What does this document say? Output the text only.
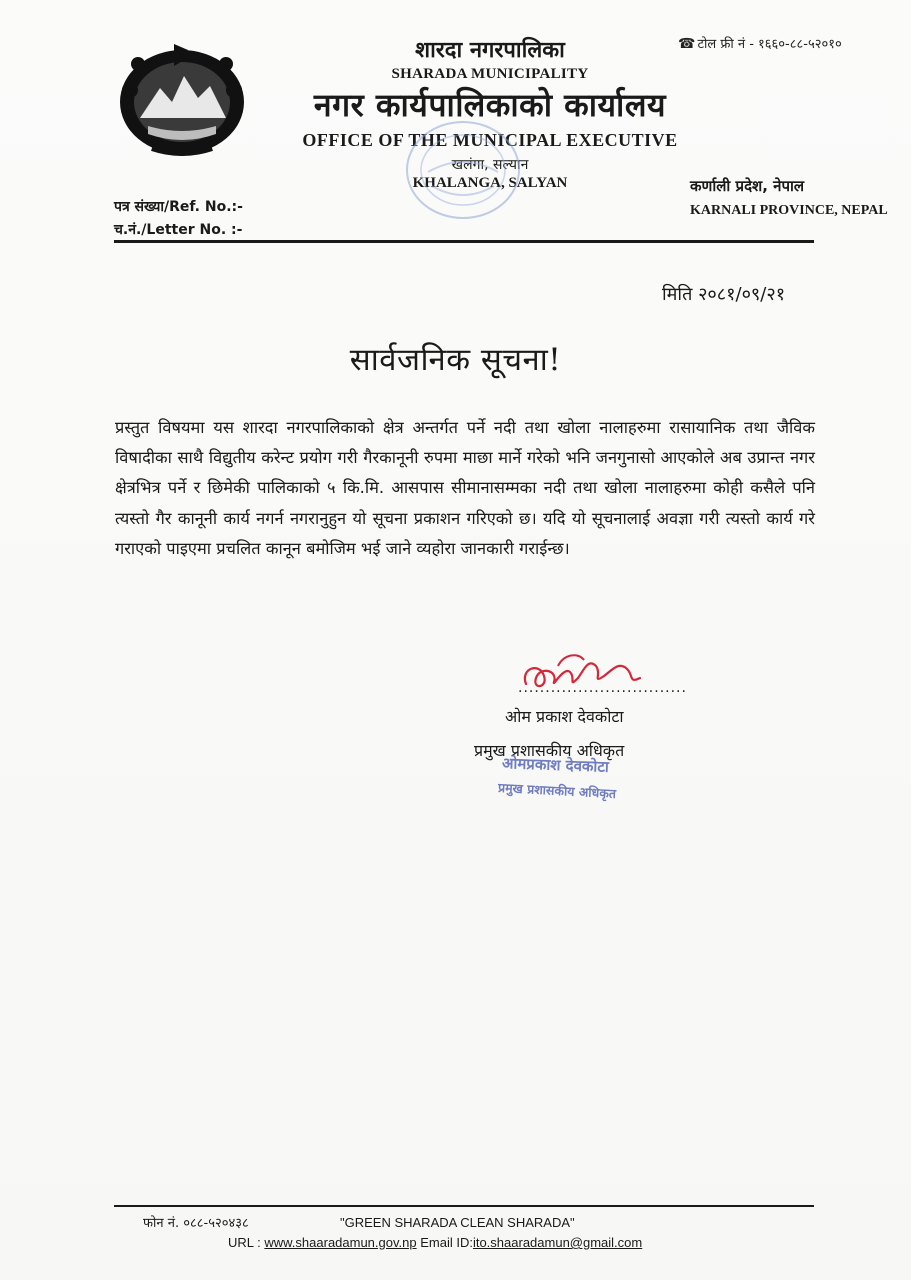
शारदा नगरपालिका
SHARADA MUNICIPALITY
नगर कार्यपालिकाको कार्यालय
OFFICE OF THE MUNICIPAL EXECUTIVE
खलंगा, सल्यान
KHALANGA, SALYAN
☎ टोल फ्री नं - १६६०-८८-५२०१०
कर्णाली प्रदेश, नेपाल
KARNALI PROVINCE, NEPAL
पत्र संख्या/Ref. No.:-
च.नं./Letter No. :-
मिति २०८१/०९/२१
सार्वजनिक सूचना!
प्रस्तुत विषयमा यस शारदा नगरपालिकाको क्षेत्र अन्तर्गत पर्ने नदी तथा खोला नालाहरुमा रासायानिक तथा जैविक विषादीका साथै विद्युतीय करेन्ट प्रयोग गरी गैरकानूनी रुपमा माछा मार्ने गरेको भनि जनगुनासो आएकोले अब उप्रान्त नगर क्षेत्रभित्र पर्ने र छिमेकी पालिकाको ५ कि.मि. आसपास सीमानासम्मका नदी तथा खोला नालाहरुमा कोही कसैले पनि त्यस्तो गैर कानूनी कार्य नगर्न नगरानुहुन यो सूचना प्रकाशन गरिएको छ। यदि यो सूचनालाई अवज्ञा गरी त्यस्तो कार्य गरे गराएको पाइएमा प्रचलित कानून बमोजिम भई जाने व्यहोरा जानकारी गराईन्छ।
...............................
ओम प्रकाश देवकोटा
प्रमुख प्रशासकीय अधिकृत
ओमप्रकाश देवकोटा
प्रमुख प्रशासकीय अधिकृत
फोन नं. ०८८-५२०४३८	"GREEN SHARADA CLEAN SHARADA"
URL : www.shaaradamun.gov.np Email ID:ito.shaaradamun@gmail.com
